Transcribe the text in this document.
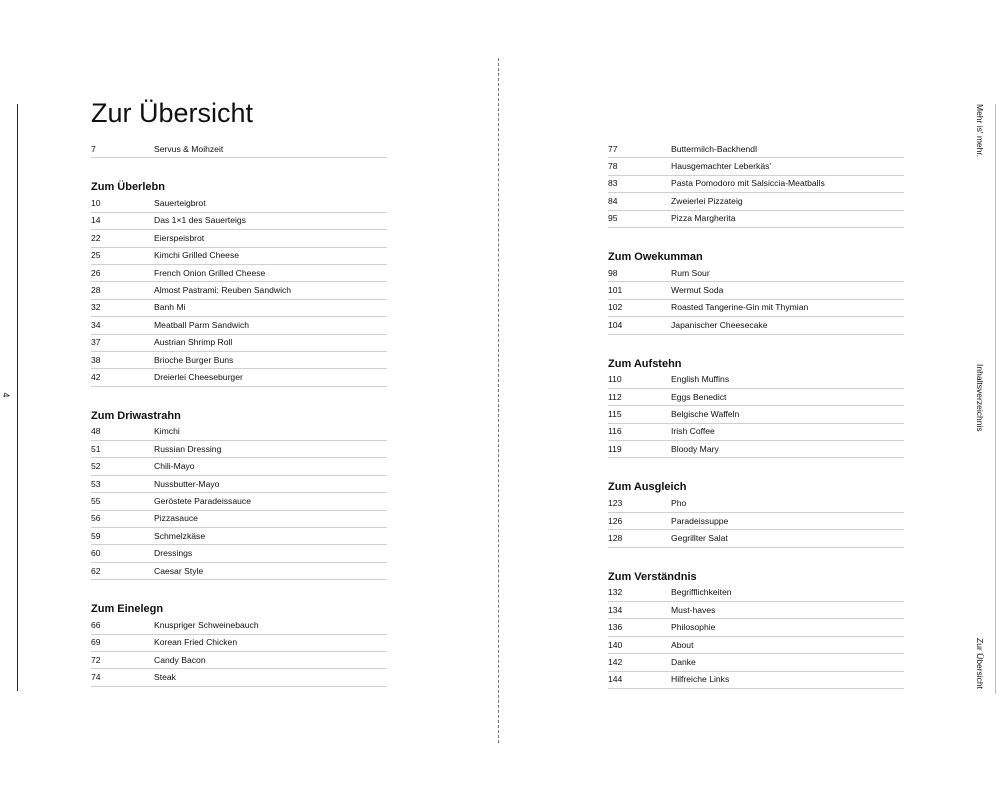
4
Zur Übersicht
7	Servus & Moihzeit
Zum Überlebn
10	Sauerteigbrot
14	Das 1×1 des Sauerteigs
22	Eierspeisbrot
25	Kimchi Grilled Cheese
26	French Onion Grilled Cheese
28	Almost Pastrami: Reuben Sandwich
32	Banh Mi
34	Meatball Parm Sandwich
37	Austrian Shrimp Roll
38	Brioche Burger Buns
42	Dreierlei Cheeseburger
Zum Driwastrahn
48	Kimchi
51	Russian Dressing
52	Chili-Mayo
53	Nussbutter-Mayo
55	Geröstete Paradeissauce
56	Pizzasauce
59	Schmelzkäse
60	Dressings
62	Caesar Style
Zum Einelegn
66	Knuspriger Schweinebauch
69	Korean Fried Chicken
72	Candy Bacon
74	Steak
77	Buttermilch-Backhendl
78	Hausgemachter Leberkäs'
83	Pasta Pomodoro mit Salsiccia-Meatballs
84	Zweierlei Pizzateig
95	Pizza Margherita
Zum Owekumman
98	Rum Sour
101	Wermut Soda
102	Roasted Tangerine-Gin mit Thymian
104	Japanischer Cheesecake
Zum Aufstehn
110	English Muffins
112	Eggs Benedict
115	Belgische Waffeln
116	Irish Coffee
119	Bloody Mary
Zum Ausgleich
123	Pho
126	Paradeissuppe
128	Gegrillter Salat
Zum Verständnis
132	Begrifflichkeiten
134	Must-haves
136	Philosophie
140	About
142	Danke
144	Hilfreiche Links
Mehr is' mehr.
Inhaltsverzeichnis
Zur Übersicht
